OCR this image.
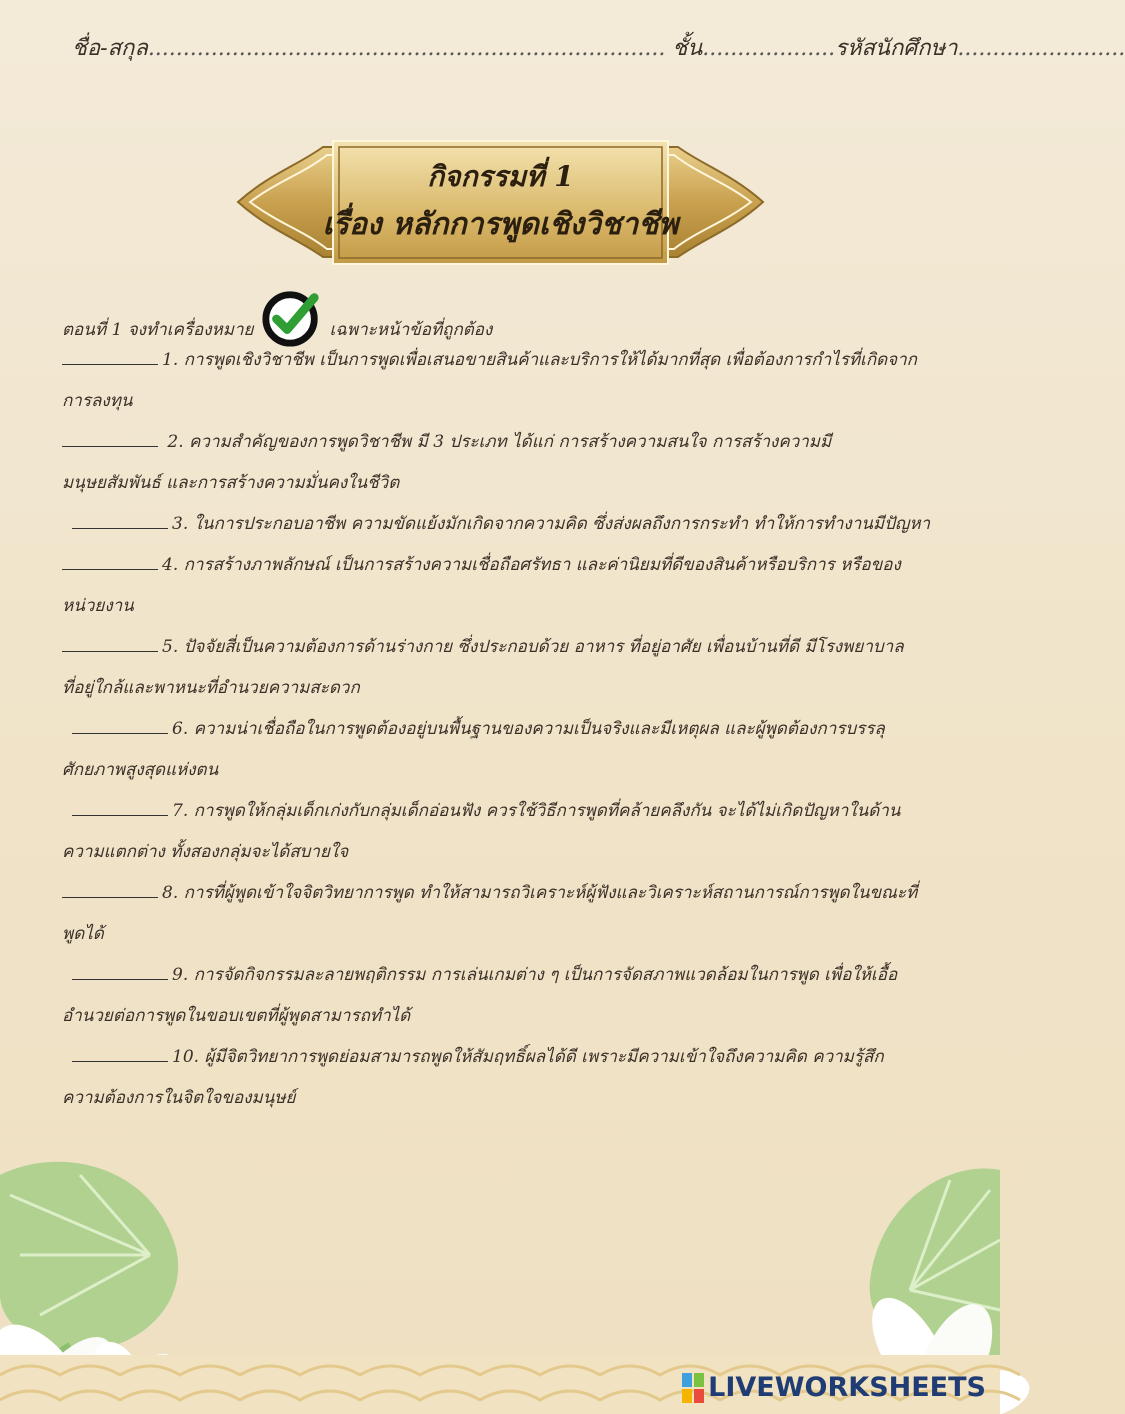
ชื่อ-สกุล.......................................................................... ชั้น...................รหัสนักศึกษา........................
กิจกรรมที่ 1
เรื่อง หลักการพูดเชิงวิชาชีพ
ตอนที่ 1 จงทำเครื่องหมาย	เฉพาะหน้าข้อที่ถูกต้อง
1. การพูดเชิงวิชาชีพ เป็นการพูดเพื่อเสนอขายสินค้าและบริการให้ได้มากที่สุด เพื่อต้องการกำไรที่เกิดจาก
การลงทุน
2. ความสำคัญของการพูดวิชาชีพ มี 3 ประเภท ได้แก่ การสร้างความสนใจ การสร้างความมี
มนุษยสัมพันธ์ และการสร้างความมั่นคงในชีวิต
3. ในการประกอบอาชีพ ความขัดแย้งมักเกิดจากความคิด ซึ่งส่งผลถึงการกระทำ ทำให้การทำงานมีปัญหา
4. การสร้างภาพลักษณ์ เป็นการสร้างความเชื่อถือศรัทธา และค่านิยมที่ดีของสินค้าหรือบริการ หรือของ
หน่วยงาน
5. ปัจจัยสี่เป็นความต้องการด้านร่างกาย ซึ่งประกอบด้วย อาหาร ที่อยู่อาศัย เพื่อนบ้านที่ดี มีโรงพยาบาล
ที่อยู่ใกล้และพาหนะที่อำนวยความสะดวก
6. ความน่าเชื่อถือในการพูดต้องอยู่บนพื้นฐานของความเป็นจริงและมีเหตุผล และผู้พูดต้องการบรรลุ
ศักยภาพสูงสุดแห่งตน
7. การพูดให้กลุ่มเด็กเก่งกับกลุ่มเด็กอ่อนฟัง ควรใช้วิธีการพูดที่คล้ายคลึงกัน จะได้ไม่เกิดปัญหาในด้าน
ความแตกต่าง ทั้งสองกลุ่มจะได้สบายใจ
8. การที่ผู้พูดเข้าใจจิตวิทยาการพูด ทำให้สามารถวิเคราะห์ผู้ฟังและวิเคราะห์สถานการณ์การพูดในขณะที่
พูดได้
9. การจัดกิจกรรมละลายพฤติกรรม การเล่นเกมต่าง ๆ เป็นการจัดสภาพแวดล้อมในการพูด เพื่อให้เอื้อ
อำนวยต่อการพูดในขอบเขตที่ผู้พูดสามารถทำได้
10. ผู้มีจิตวิทยาการพูดย่อมสามารถพูดให้สัมฤทธิ์ผลได้ดี เพราะมีความเข้าใจถึงความคิด ความรู้สึก
ความต้องการในจิตใจของมนุษย์
LIVEWORKSHEETS
